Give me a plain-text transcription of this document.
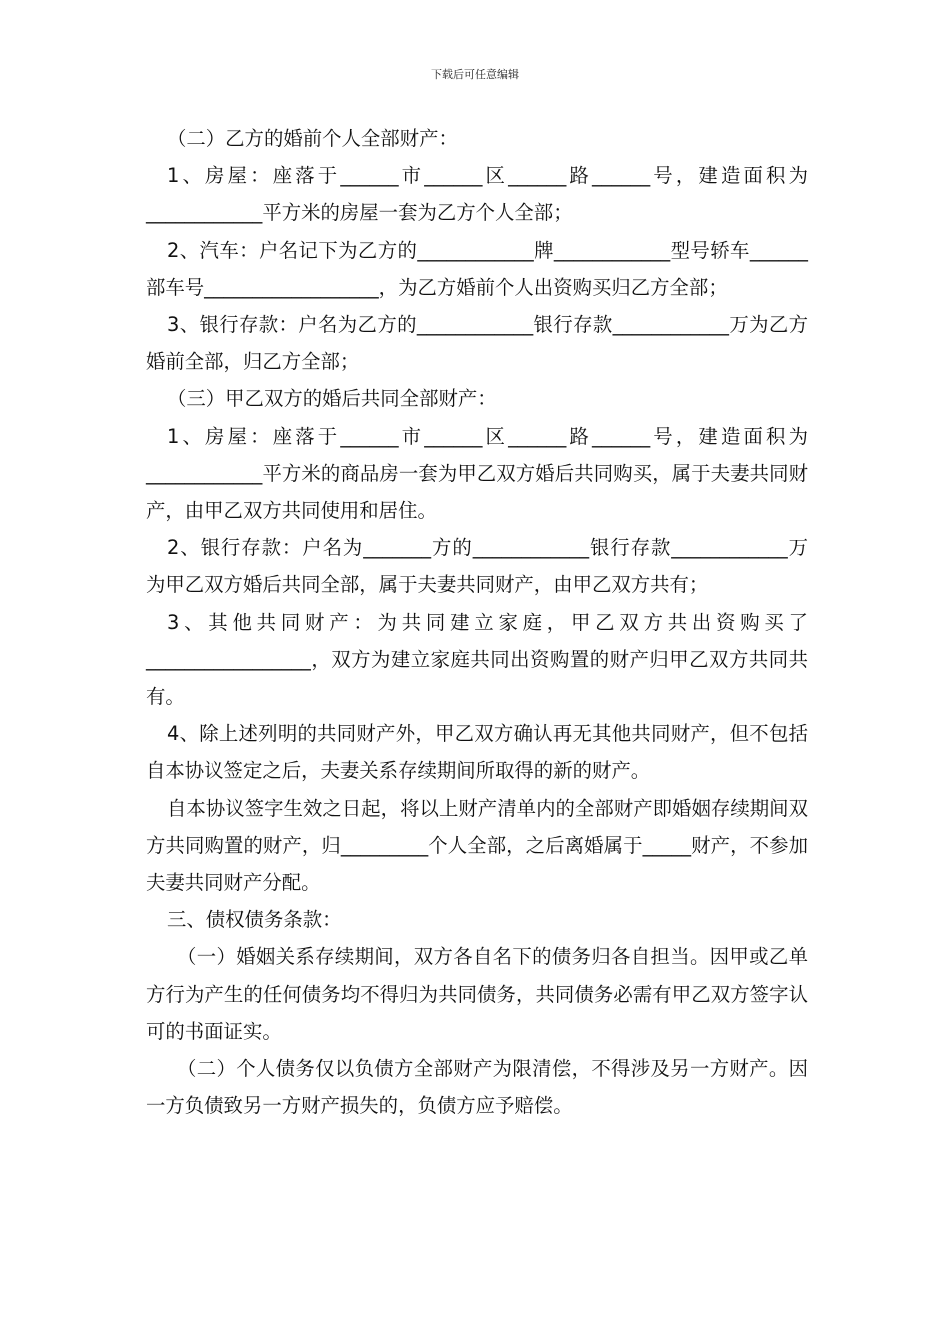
下载后可任意编辑

（二）乙方的婚前个人全部财产：

1、房屋：座落于______市______区______路______号，建造面积为____________平方米的房屋一套为乙方个人全部；

2、汽车：户名记下为乙方的____________牌____________型号轿车______部车号__________________，为乙方婚前个人出资购买归乙方全部；

3、银行存款：户名为乙方的____________银行存款____________万为乙方婚前全部，归乙方全部；

（三）甲乙双方的婚后共同全部财产：

1、房屋：座落于______市______区______路______号，建造面积为____________平方米的商品房一套为甲乙双方婚后共同购买，属于夫妻共同财产，由甲乙双方共同使用和居住。

2、银行存款：户名为_______方的____________银行存款____________万为甲乙双方婚后共同全部，属于夫妻共同财产，由甲乙双方共有；

3、其他共同财产：为共同建立家庭，甲乙双方共出资购买了 _________________，双方为建立家庭共同出资购置的财产归甲乙双方共同共有。

4、除上述列明的共同财产外，甲乙双方确认再无其他共同财产，但不包括自本协议签定之后，夫妻关系存续期间所取得的新的财产。

自本协议签字生效之日起，将以上财产清单内的全部财产即婚姻存续期间双方共同购置的财产，归_________个人全部，之后离婚属于_____财产，不参加夫妻共同财产分配。

三、债权债务条款：

（一）婚姻关系存续期间，双方各自名下的债务归各自担当。因甲或乙单方行为产生的任何债务均不得归为共同债务，共同债务必需有甲乙双方签字认可的书面证实。

（二）个人债务仅以负债方全部财产为限清偿，不得涉及另一方财产。因一方负债致另一方财产损失的，负债方应予赔偿。
